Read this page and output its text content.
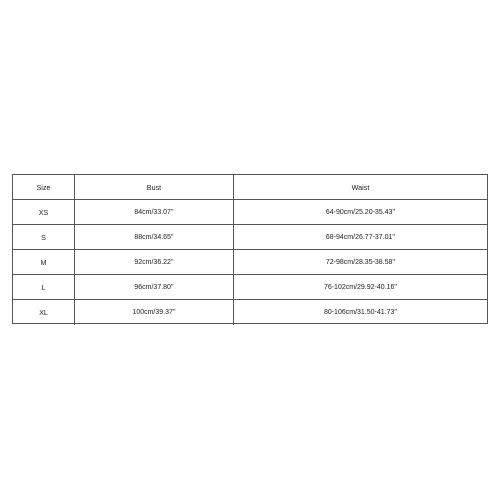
Size	Bust	Waist
XS	84cm/33.07''	64-90cm/25.20-35.43''
S	88cm/34.65''	68-94cm/26.77-37.01''
M	92cm/36.22''	72-98cm/28.35-38.58''
L	96cm/37.80''	76-102cm/29.92-40.16''
XL	100cm/39.37''	80-106cm/31.50-41.73''
